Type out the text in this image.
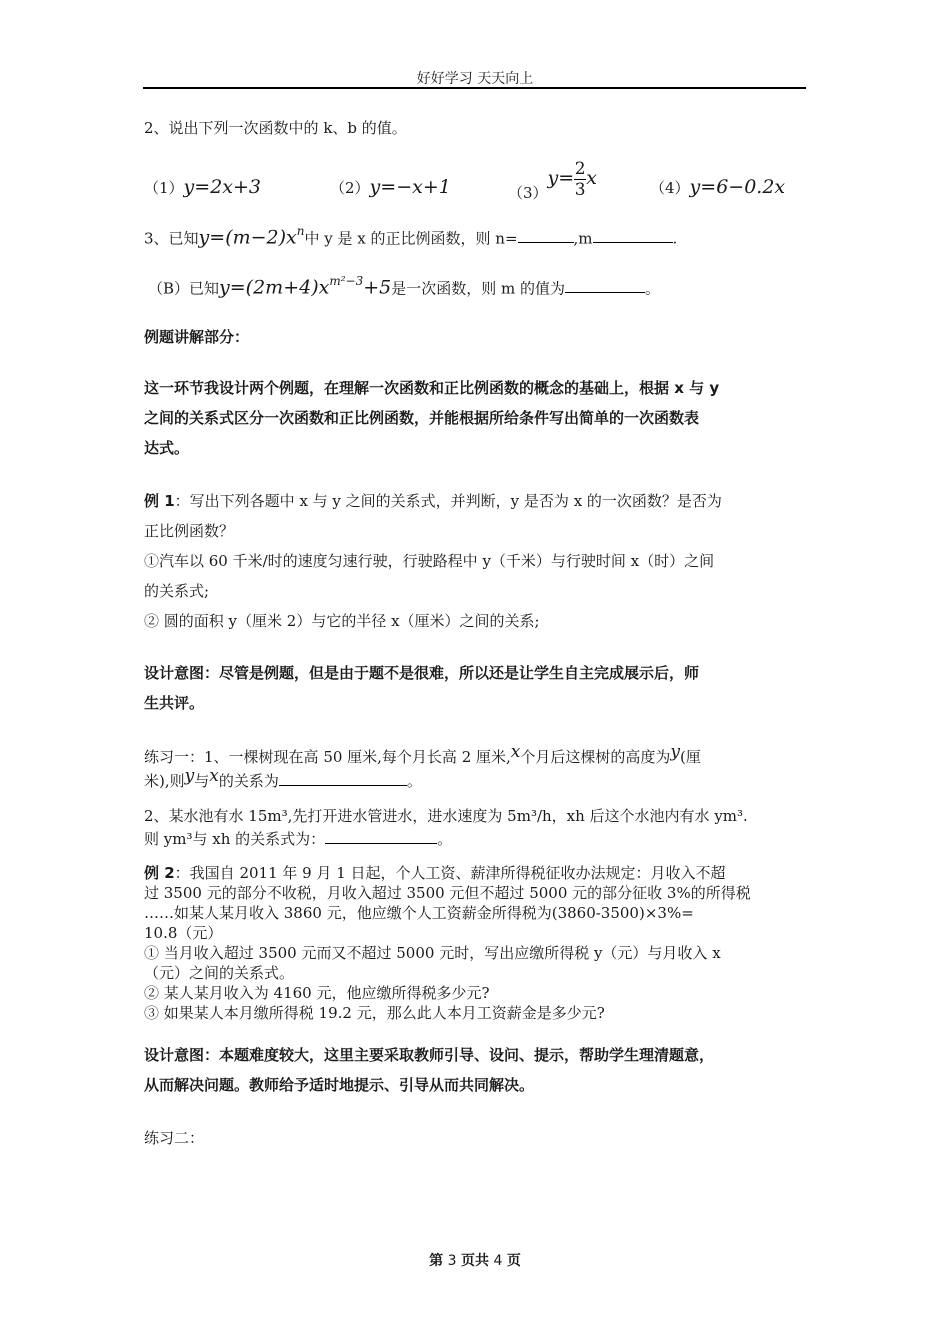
好好学习 天天向上
2、说出下列一次函数中的 k、b 的值。
（1）y=2x+3	（2）y=−x+1	$(3)y= \frac{2}{3}$ x	（4）y=6−0.2x
3、已知$y=(m-2)x^n$中 y 是 x 的正比例函数，则 n=	,m	.
（B）已知$y=(2m+4)x^{m^2-3}+5$是一次函数，则 m 的值为	。
例题讲解部分：
这一环节我设计两个例题，在理解一次函数和正比例函数的概念的基础上，根据 x 与 y
之间的关系式区分一次函数和正比例函数，并能根据所给条件写出简单的一次函数表
达式。
例 1：写出下列各题中 x 与 y 之间的关系式，并判断，y 是否为 x 的一次函数？是否为
正比例函数？
①汽车以 60 千米/时的速度匀速行驶，行驶路程中 y（千米）与行驶时间 x（时）之间
的关系式;
② 圆的面积 y（厘米 2）与它的半径 x（厘米）之间的关系;
设计意图：尽管是例题，但是由于题不是很难，所以还是让学生自主完成展示后，师
生共评。
练习一：1、一棵树现在高 50 厘米,每个月长高 2 厘米,x个月后这棵树的高度为y(厘
米),则y与x的关系为	。
2、某水池有水 15m³,先打开进水管进水，进水速度为 5m³/h，xh 后这个水池内有水 ym³.
则 ym³与 xh 的关系式为：	。
例 2：我国自 2011 年 9 月 1 日起，个人工资、薪津所得税征收办法规定：月收入不超
过 3500 元的部分不收税，月收入超过 3500 元但不超过 5000 元的部分征收 3%的所得税
……如某人某月收入 3860 元，他应缴个人工资薪金所得税为(3860-3500)×3%=
10.8（元）
① 当月收入超过 3500 元而又不超过 5000 元时，写出应缴所得税 y（元）与月收入 x
（元）之间的关系式。
② 某人某月收入为 4160 元，他应缴所得税多少元?
③ 如果某人本月缴所得税 19.2 元，那么此人本月工资薪金是多少元?
设计意图：本题难度较大，这里主要采取教师引导、设问、提示，帮助学生理清题意，
从而解决问题。教师给予适时地提示、引导从而共同解决。
练习二：
第 3 页共 4 页
